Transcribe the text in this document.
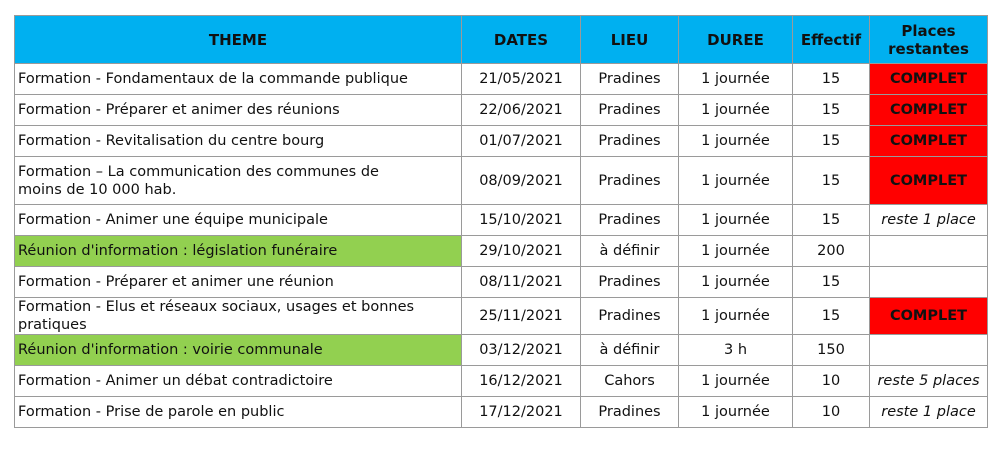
THEME	DATES	LIEU	DUREE	Effectif	Places restantes
Formation - Fondamentaux de la commande publique	21/05/2021	Pradines	1 journée	15	COMPLET
Formation - Préparer et animer des réunions	22/06/2021	Pradines	1 journée	15	COMPLET
Formation - Revitalisation du centre bourg	01/07/2021	Pradines	1 journée	15	COMPLET
Formation – La communication des communes de moins de 10 000 hab.	08/09/2021	Pradines	1 journée	15	COMPLET
Formation - Animer une équipe municipale	15/10/2021	Pradines	1 journée	15	reste 1 place
Réunion d'information : législation funéraire	29/10/2021	à définir	1 journée	200	
Formation - Préparer et animer une réunion	08/11/2021	Pradines	1 journée	15	
Formation - Elus et réseaux sociaux, usages et bonnes pratiques	25/11/2021	Pradines	1 journée	15	COMPLET
Réunion d'information : voirie communale	03/12/2021	à définir	3 h	150	
Formation - Animer un débat contradictoire	16/12/2021	Cahors	1 journée	10	reste 5 places
Formation - Prise de parole en public	17/12/2021	Pradines	1 journée	10	reste 1 place
